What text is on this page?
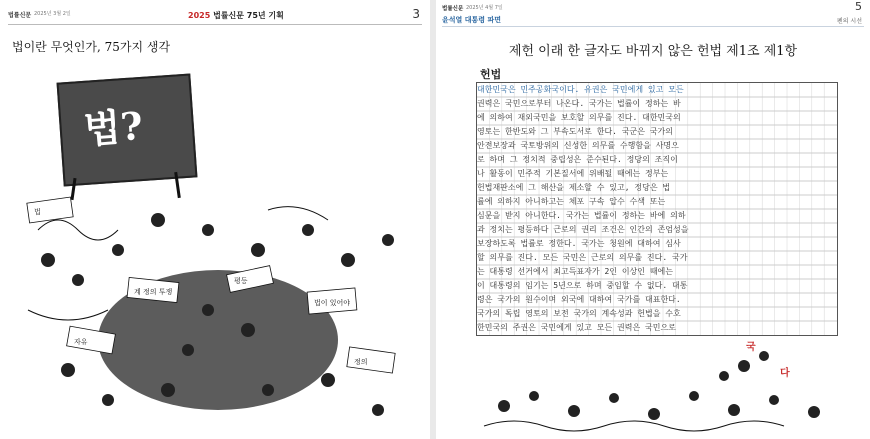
법률신문 2025년 3월 2일	2025 법률신문 75년 기획	3
법이란 무엇인가, 75가지 생각
법?
법
계 정의 투쟁
법이 있어야
자유
평등
정의
법률신문 2025년 4월 7일	5
윤석열 대통령 파면	펜의 시선
제헌 이래 한 글자도 바뀌지 않은 헌법 제1조 제1항
헌법
대한민국은 민주공화국이다. 유권은 국민에게 있고 모든
권력은 국민으로부터 나온다. 국가는 법률이 정하는 바
에 의하여 재외국민을 보호할 의무를 진다. 대한민국의
영토는 한반도와 그 부속도서로 한다. 국군은 국가의
안전보장과 국토방위의 신성한 의무를 수행함을 사명으
로 하며 그 정치적 중립성은 준수된다. 정당의 조직이
나 활동이 민주적 기본질서에 위배될 때에는 정부는
헌법재판소에 그 해산을 제소할 수 있고, 정당은 법
률에 의하지 아니하고는 체포 구속 압수 수색 또는
심문을 받지 아니한다. 국가는 법률이 정하는 바에 의하
과 정치는 평등하다 근로의 권리 조건은 인간의 존엄성을
보장하도록 법률로 정한다. 국가는 청원에 대하여 심사
할 의무를 진다. 모든 국민은 근로의 의무를 진다. 국가
는 대통령 선거에서 최고득표자가 2인 이상인 때에는
이 대통령의 임기는 5년으로 하며 중임할 수 없다. 대통
령은 국가의 원수이며 외국에 대하여 국가를 대표한다.
국가의 독립 영토의 보전 국가의 계속성과 헌법을 수호
한민국의 주권은 국민에게 있고 모든 권력은 국민으로
국
다
